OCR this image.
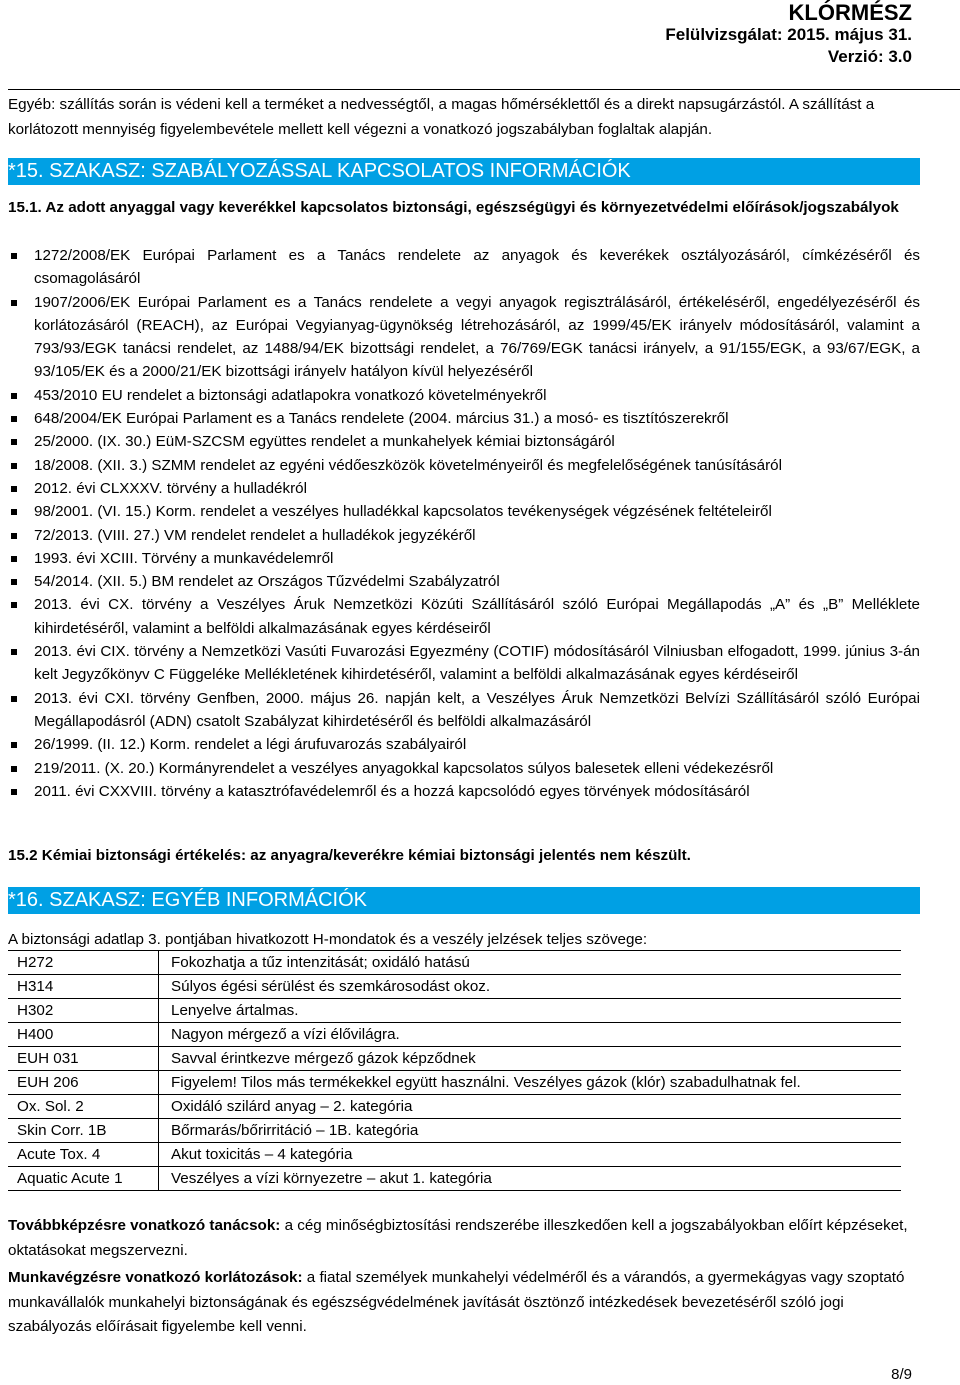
KLÓRMÉSZ
Felülvizsgálat: 2015. május 31.
Verzió: 3.0
Egyéb: szállítás során is védeni kell a terméket a nedvességtől, a magas hőmérséklettől és a direkt napsugárzástól. A szállítást a korlátozott mennyiség figyelembevétele mellett kell végezni a vonatkozó jogszabályban foglaltak alapján.
*15. SZAKASZ: SZABÁLYOZÁSSAL KAPCSOLATOS INFORMÁCIÓK
15.1. Az adott anyaggal vagy keverékkel kapcsolatos biztonsági, egészségügyi és környezetvédelmi előírások/jogszabályok
1272/2008/EK Európai Parlament es a Tanács rendelete az anyagok és keverékek osztályozásáról, címkézéséről és csomagolásáról
1907/2006/EK Európai Parlament es a Tanács rendelete a vegyi anyagok regisztrálásáról, értékeléséről, engedélyezéséről és korlátozásáról (REACH), az Európai Vegyianyag-ügynökség létrehozásáról, az 1999/45/EK irányelv módosításáról, valamint a 793/93/EGK tanácsi rendelet, az 1488/94/EK bizottsági rendelet, a 76/769/EGK tanácsi irányelv, a 91/155/EGK, a 93/67/EGK, a 93/105/EK és a 2000/21/EK bizottsági irányelv hatályon kívül helyezéséről
453/2010 EU rendelet a biztonsági adatlapokra vonatkozó követelményekről
648/2004/EK Európai Parlament es a Tanács rendelete (2004. március 31.) a mosó- es tisztítószerekről
25/2000. (IX. 30.) EüM-SZCSM együttes rendelet a munkahelyek kémiai biztonságáról
18/2008. (XII. 3.) SZMM rendelet az egyéni védőeszközök követelményeiről és megfelelőségének tanúsításáról
2012. évi CLXXXV. törvény a hulladékról
98/2001. (VI. 15.) Korm. rendelet a veszélyes hulladékkal kapcsolatos tevékenységek végzésének feltételeiről
72/2013. (VIII. 27.) VM rendelet rendelet a hulladékok jegyzékéről
1993. évi XCIII. Törvény a munkavédelemről
54/2014. (XII. 5.) BM rendelet az Országos Tűzvédelmi Szabályzatról
2013. évi CX. törvény a Veszélyes Áruk Nemzetközi Közúti Szállításáról szóló Európai Megállapodás „A” és „B” Melléklete kihirdetéséről, valamint a belföldi alkalmazásának egyes kérdéseiről
2013. évi CIX. törvény a Nemzetközi Vasúti Fuvarozási Egyezmény (COTIF) módosításáról Vilniusban elfogadott, 1999. június 3-án kelt Jegyzőkönyv C Függeléke Mellékletének kihirdetéséről, valamint a belföldi alkalmazásának egyes kérdéseiről
2013. évi CXI. törvény Genfben, 2000. május 26. napján kelt, a Veszélyes Áruk Nemzetközi Belvízi Szállításáról szóló Európai Megállapodásról (ADN) csatolt Szabályzat kihirdetéséről és belföldi alkalmazásáról
26/1999. (II. 12.) Korm. rendelet a légi árufuvarozás szabályairól
219/2011. (X. 20.) Kormányrendelet a veszélyes anyagokkal kapcsolatos súlyos balesetek elleni védekezésről
2011. évi CXXVIII. törvény a katasztrófavédelemről és a hozzá kapcsolódó egyes törvények módosításáról
15.2 Kémiai biztonsági értékelés: az anyagra/keverékre kémiai biztonsági jelentés nem készült.
*16. SZAKASZ: EGYÉB INFORMÁCIÓK
A biztonsági adatlap 3. pontjában hivatkozott H-mondatok és a veszély jelzések teljes szövege:
H272	Fokozhatja a tűz intenzitását; oxidáló hatású
H314	Súlyos égési sérülést és szemkárosodást okoz.
H302	Lenyelve ártalmas.
H400	Nagyon mérgező a vízi élővilágra.
EUH 031	Savval érintkezve mérgező gázok képződnek
EUH 206	Figyelem! Tilos más termékekkel együtt használni. Veszélyes gázok (klór) szabadulhatnak fel.
Ox. Sol. 2	Oxidáló szilárd anyag – 2. kategória
Skin Corr. 1B	Bőrmarás/bőrirritáció – 1B. kategória
Acute Tox. 4	Akut toxicitás – 4 kategória
Aquatic Acute 1	Veszélyes a vízi környezetre – akut 1. kategória
Továbbképzésre vonatkozó tanácsok: a cég minőségbiztosítási rendszerébe illeszkedően kell a jogszabályokban előírt képzéseket, oktatásokat megszervezni.
Munkavégzésre vonatkozó korlátozások: a fiatal személyek munkahelyi védelméről és a várandós, a gyermekágyas vagy szoptató munkavállalók munkahelyi biztonságának és egészségvédelmének javítását ösztönző intézkedések bevezetéséről szóló jogi szabályozás előírásait figyelembe kell venni.
8/9
